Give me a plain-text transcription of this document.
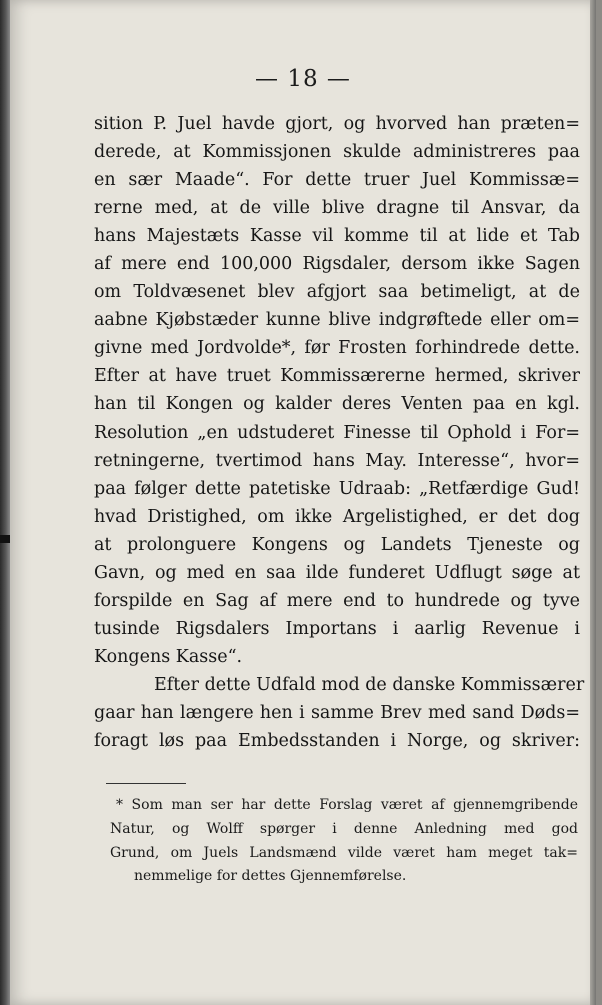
— 18 —
sition P. Juel havde gjort, og hvorved han præten=
derede, at Kommissjonen skulde administreres paa
en sær Maade“. For dette truer Juel Kommissæ=
rerne med, at de ville blive dragne til Ansvar, da
hans Majestæts Kasse vil komme til at lide et Tab
af mere end 100,000 Rigsdaler, dersom ikke Sagen
om Toldvæsenet blev afgjort saa betimeligt, at de
aabne Kjøbstæder kunne blive indgrøftede eller om=
givne med Jordvolde*, før Frosten forhindrede dette.
Efter at have truet Kommissærerne hermed, skriver
han til Kongen og kalder deres Venten paa en kgl.
Resolution „en udstuderet Finesse til Ophold i For=
retningerne, tvertimod hans May. Interesse“, hvor=
paa følger dette patetiske Udraab: „Retfærdige Gud!
hvad Dristighed, om ikke Argelistighed, er det dog
at prolonguere Kongens og Landets Tjeneste og
Gavn, og med en saa ilde funderet Udflugt søge at
forspilde en Sag af mere end to hundrede og tyve
tusinde Rigsdalers Importans i aarlig Revenue i
Kongens Kasse“.
Efter dette Udfald mod de danske Kommissærer
gaar han længere hen i samme Brev med sand Døds=
foragt løs paa Embedsstanden i Norge, og skriver:
* Som man ser har dette Forslag været af gjennemgribende
Natur, og Wolff spørger i denne Anledning med god
Grund, om Juels Landsmænd vilde været ham meget tak=
nemmelige for dettes Gjennemførelse.
